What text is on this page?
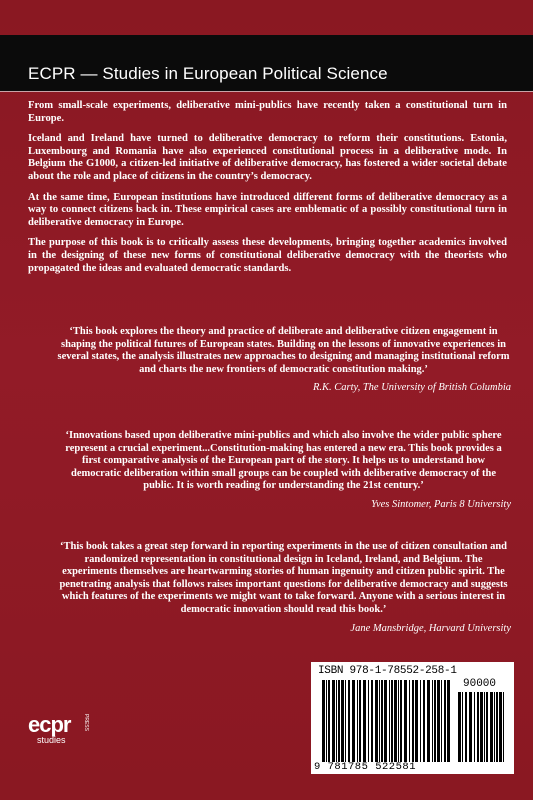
ECPR — Studies in European Political Science

From small-scale experiments, deliberative mini-publics have recently taken a constitutional turn in Europe.

Iceland and Ireland have turned to deliberative democracy to reform their constitutions. Estonia, Luxembourg and Romania have also experienced constitutional process in a deliberative mode. In Belgium the G1000, a citizen-led initiative of deliberative democracy, has fostered a wider societal debate about the role and place of citizens in the country’s democracy.

At the same time, European institutions have introduced different forms of deliberative democracy as a way to connect citizens back in. These empirical cases are emblematic of a possibly constitutional turn in deliberative democracy in Europe.

The purpose of this book is to critically assess these developments, bringing together academics involved in the designing of these new forms of constitutional deliberative democracy with the theorists who propagated the ideas and evaluated democratic standards.

‘This book explores the theory and practice of deliberate and deliberative citizen engagement in shaping the political futures of European states. Building on the lessons of innovative experiences in several states, the analysis illustrates new approaches to designing and managing institutional reform and charts the new frontiers of democratic constitution making.’

R.K. Carty, The University of British Columbia

‘Innovations based upon deliberative mini-publics and which also involve the wider public sphere represent a crucial experiment...Constitution-making has entered a new era. This book provides a first comparative analysis of the European part of the story. It helps us to understand how democratic deliberation within small groups can be coupled with deliberative democracy of the public. It is worth reading for understanding the 21st century.’

Yves Sintomer, Paris 8 University

‘This book takes a great step forward in reporting experiments in the use of citizen consultation and randomized representation in constitutional design in Iceland, Ireland, and Belgium. The experiments themselves are heartwarming stories of human ingenuity and citizen public spirit. The penetrating analysis that follows raises important questions for deliberative democracy and suggests which features of the experiments we might want to take forward. Anyone with a serious interest in democratic innovation should read this book.’

Jane Mansbridge, Harvard University

ecpr	PRESS
studies
ISBN 978-1-78552-258-1
90000
9 781785 522581
